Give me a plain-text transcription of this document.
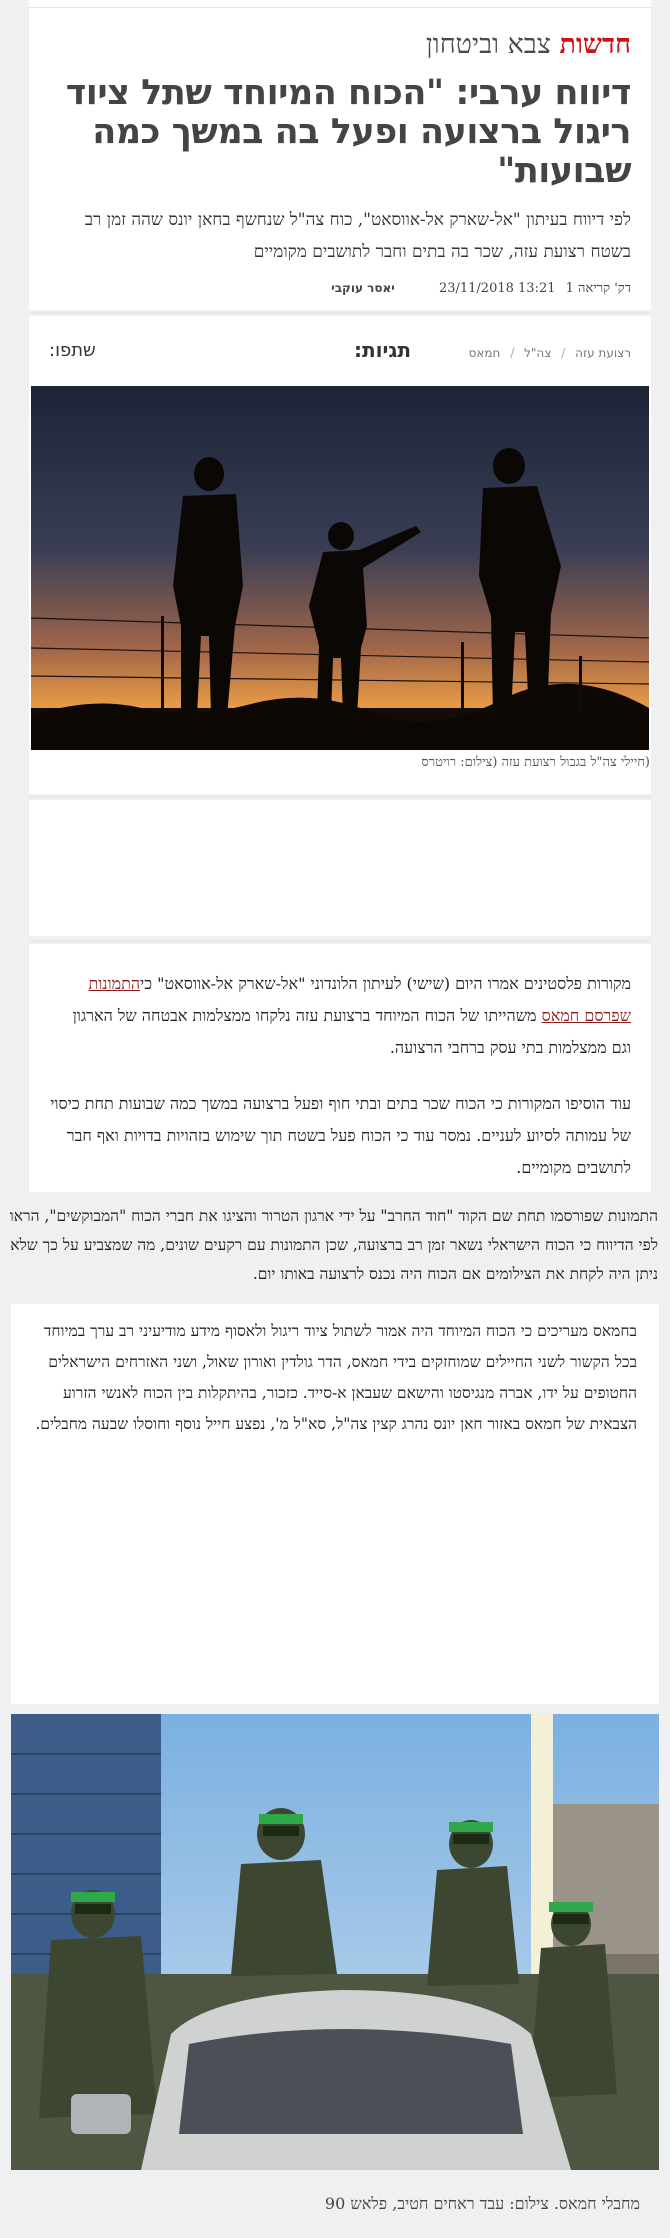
חדשות צבא וביטחון
דיווח ערבי: "הכוח המיוחד שתל ציוד ריגול ברצועה ופעל בה במשך כמה שבועות"

לפי דיווח בעיתון "אל-שארק אל-אווסאט", כוח צה"ל שנחשף בחאן יונס שהה זמן רב בשטח רצועת עזה, שכר בה בתים וחבר לתושבים מקומיים

דק' קריאה 1 13:21 23/11/2018 יאסר עוקבי
רצועת עזה / צה"ל / חמאס
תגיות:
שתפו:

(חיילי צה"ל בגבול רצועת עזה (צילום: רויטרס

מקורות פלסטינים אמרו היום (שישי) לעיתון הלונדוני "אל-שארק אל-אווסאט" כיהתמונות שפרסם חמאס משהייתו של הכוח המיוחד ברצועת עזה נלקחו ממצלמות אבטחה של הארגון וגם ממצלמות בתי עסק ברחבי הרצועה.

עוד הוסיפו המקורות כי הכוח שכר בתים ובתי חוף ופעל ברצועה במשך כמה שבועות תחת כיסוי של עמותה לסיוע לעניים. נמסר עוד כי הכוח פעל בשטח תוך שימוש בזהויות בדויות ואף חבר לתושבים מקומיים.

התמונות שפורסמו תחת שם הקוד "חוד החרב" על ידי ארגון הטרור והציגו את חברי הכוח "המבוקשים", הראו לפי הדיווח כי הכוח הישראלי נשאר זמן רב ברצועה, שכן התמונות עם רקעים שונים, מה שמצביע על כך שלא ניתן היה לקחת את הצילומים אם הכוח היה נכנס לרצועה באותו יום.

בחמאס מעריכים כי הכוח המיוחד היה אמור לשתול ציוד ריגול ולאסוף מידע מודיעיני רב ערך במיוחד בכל הקשור לשני החיילים שמוחזקים בידי חמאס, הדר גולדין ואורון שאול, ושני האזרחים הישראלים החטופים על ידו, אברה מנגיסטו והישאם שעבאן א-סייד. כזכור, בהיתקלות בין הכוח לאנשי הזרוע הצבאית של חמאס באזור חאן יונס נהרג קצין צה"ל, סא"ל מ', נפצע חייל נוסף וחוסלו שבעה מחבלים.

מחבלי חמאס. צילום: עבד ראחים חטיב, פלאש 90
